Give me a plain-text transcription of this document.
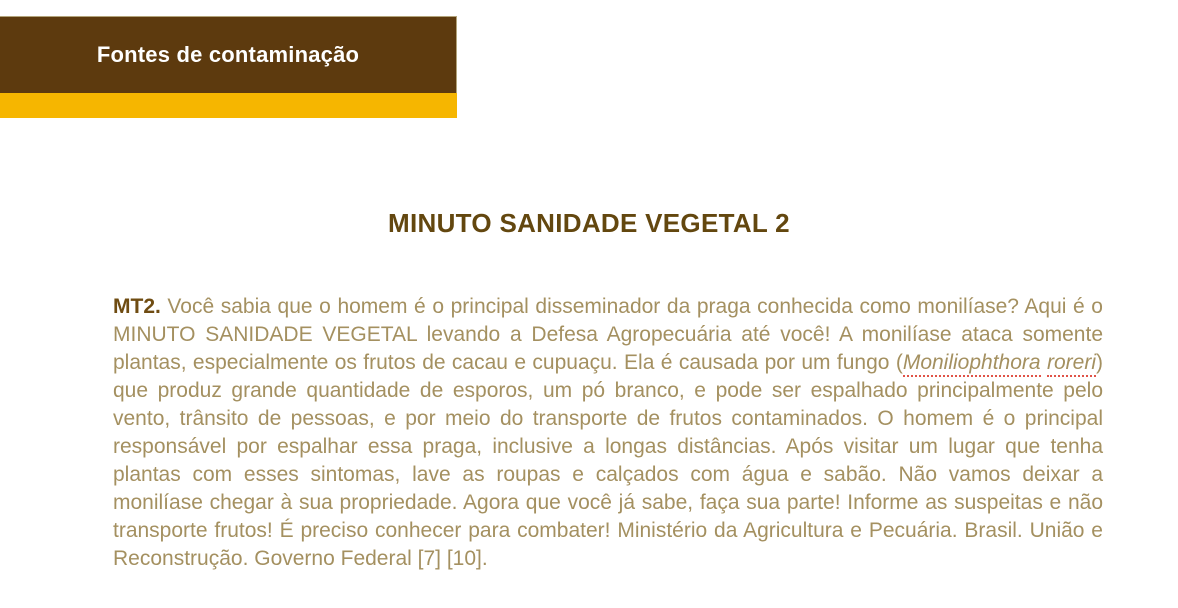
Fontes de contaminação
MINUTO SANIDADE VEGETAL 2
MT2. Você sabia que o homem é o principal disseminador da praga conhecida como monilíase? Aqui é o MINUTO SANIDADE VEGETAL levando a Defesa Agropecuária até você! A monilíase ataca somente plantas, especialmente os frutos de cacau e cupuaçu. Ela é causada por um fungo (Moniliophthora roreri) que produz grande quantidade de esporos, um pó branco, e pode ser espalhado principalmente pelo vento, trânsito de pessoas, e por meio do transporte de frutos contaminados. O homem é o principal responsável por espalhar essa praga, inclusive a longas distâncias. Após visitar um lugar que tenha plantas com esses sintomas, lave as roupas e calçados com água e sabão. Não vamos deixar a monilíase chegar à sua propriedade. Agora que você já sabe, faça sua parte! Informe as suspeitas e não transporte frutos! É preciso conhecer para combater! Ministério da Agricultura e Pecuária. Brasil. União e Reconstrução. Governo Federal [7] [10].
